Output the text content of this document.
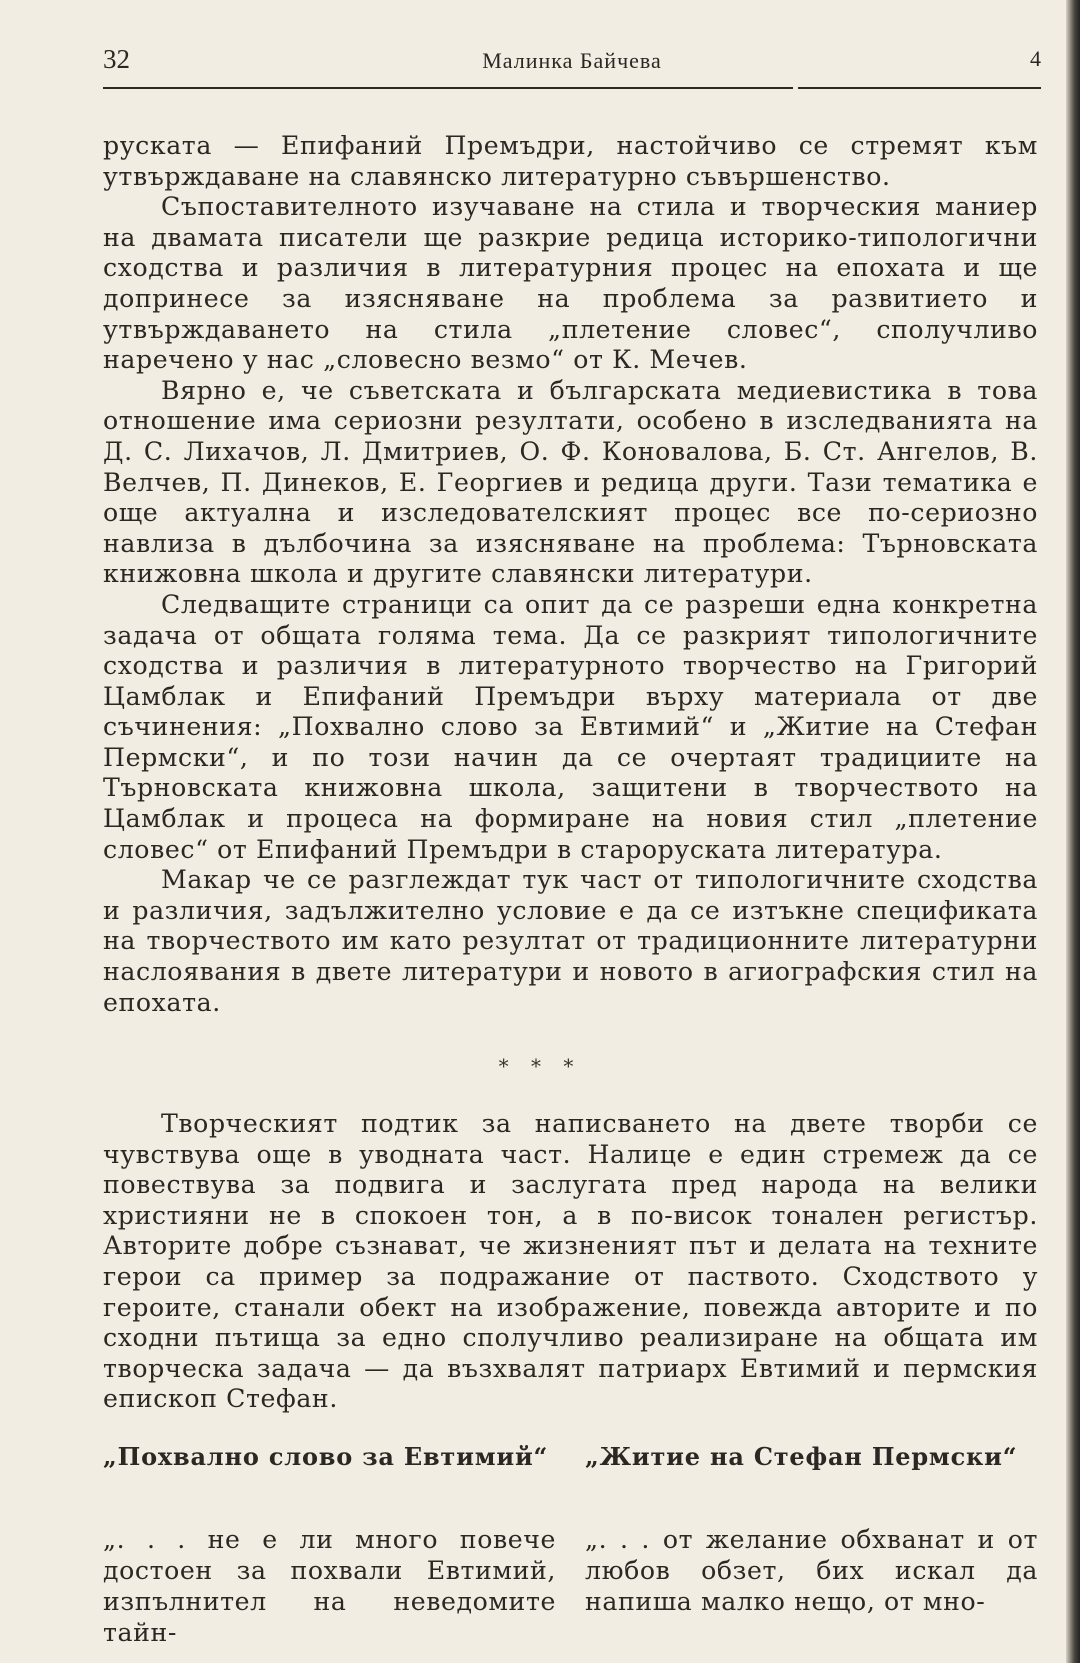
32	Малинка Байчева	4

руската — Епифаний Премъдри, настойчиво се стремят към утвърждаване на славянско литературно съвършенство.

Съпоставителното изучаване на стила и творческия маниер на двамата писатели ще разкрие редица историко-типологични сходства и различия в литературния процес на епохата и ще допринесе за изясняване на проблема за развитието и утвърждаването на стила „плетение словес“, сполучливо наречено у нас „словесно везмо“ от К. Мечев.

Вярно е, че съветската и българската медиевистика в това отношение има сериозни резултати, особено в изследванията на Д. С. Лихачов, Л. Дмитриев, О. Ф. Коновалова, Б. Ст. Ангелов, В. Велчев, П. Динеков, Е. Георгиев и редица други. Тази тематика е още актуална и изследователският процес все по-сериозно навлиза в дълбочина за изясняване на проблема: Търновската книжовна школа и другите славянски литератури.

Следващите страници са опит да се разреши една конкретна задача от общата голяма тема. Да се разкрият типологичните сходства и различия в литературното творчество на Григорий Цамблак и Епифаний Премъдри върху материала от две съчинения: „Похвално слово за Евтимий“ и „Житие на Стефан Пермски“, и по този начин да се очертаят традициите на Търновската книжовна школа, защитени в творчеството на Цамблак и процеса на формиране на новия стил „плетение словес“ от Епифаний Премъдри в староруската литература.

Макар че се разглеждат тук част от типологичните сходства и различия, задължително условие е да се изтъкне спецификата на творчеството им като резултат от традиционните литературни наслоявания в двете литератури и новото в агиографския стил на епохата.

* * *

Творческият подтик за написването на двете творби се чувствува още в уводната част. Налице е един стремеж да се повествува за подвига и заслугата пред народа на велики християни не в спокоен тон, а в по-висок тонален регистър. Авторите добре съзнават, че жизненият път и делата на техните герои са пример за подражание от паството. Сходството у героите, станали обект на изображение, повежда авторите и по сходни пътища за едно сполучливо реализиране на общата им творческа задача — да възхвалят патриарх Евтимий и пермския епископ Стефан.

„Похвално слово за Евтимий“ „Житие на Стефан Пермски“

„. . . не е ли много повече достоен за похвали Евтимий, изпълнител на неведомите тайн-

„. . . от желание обхванат и от любов обзет, бих искал да напиша малко нещо, от мно-
